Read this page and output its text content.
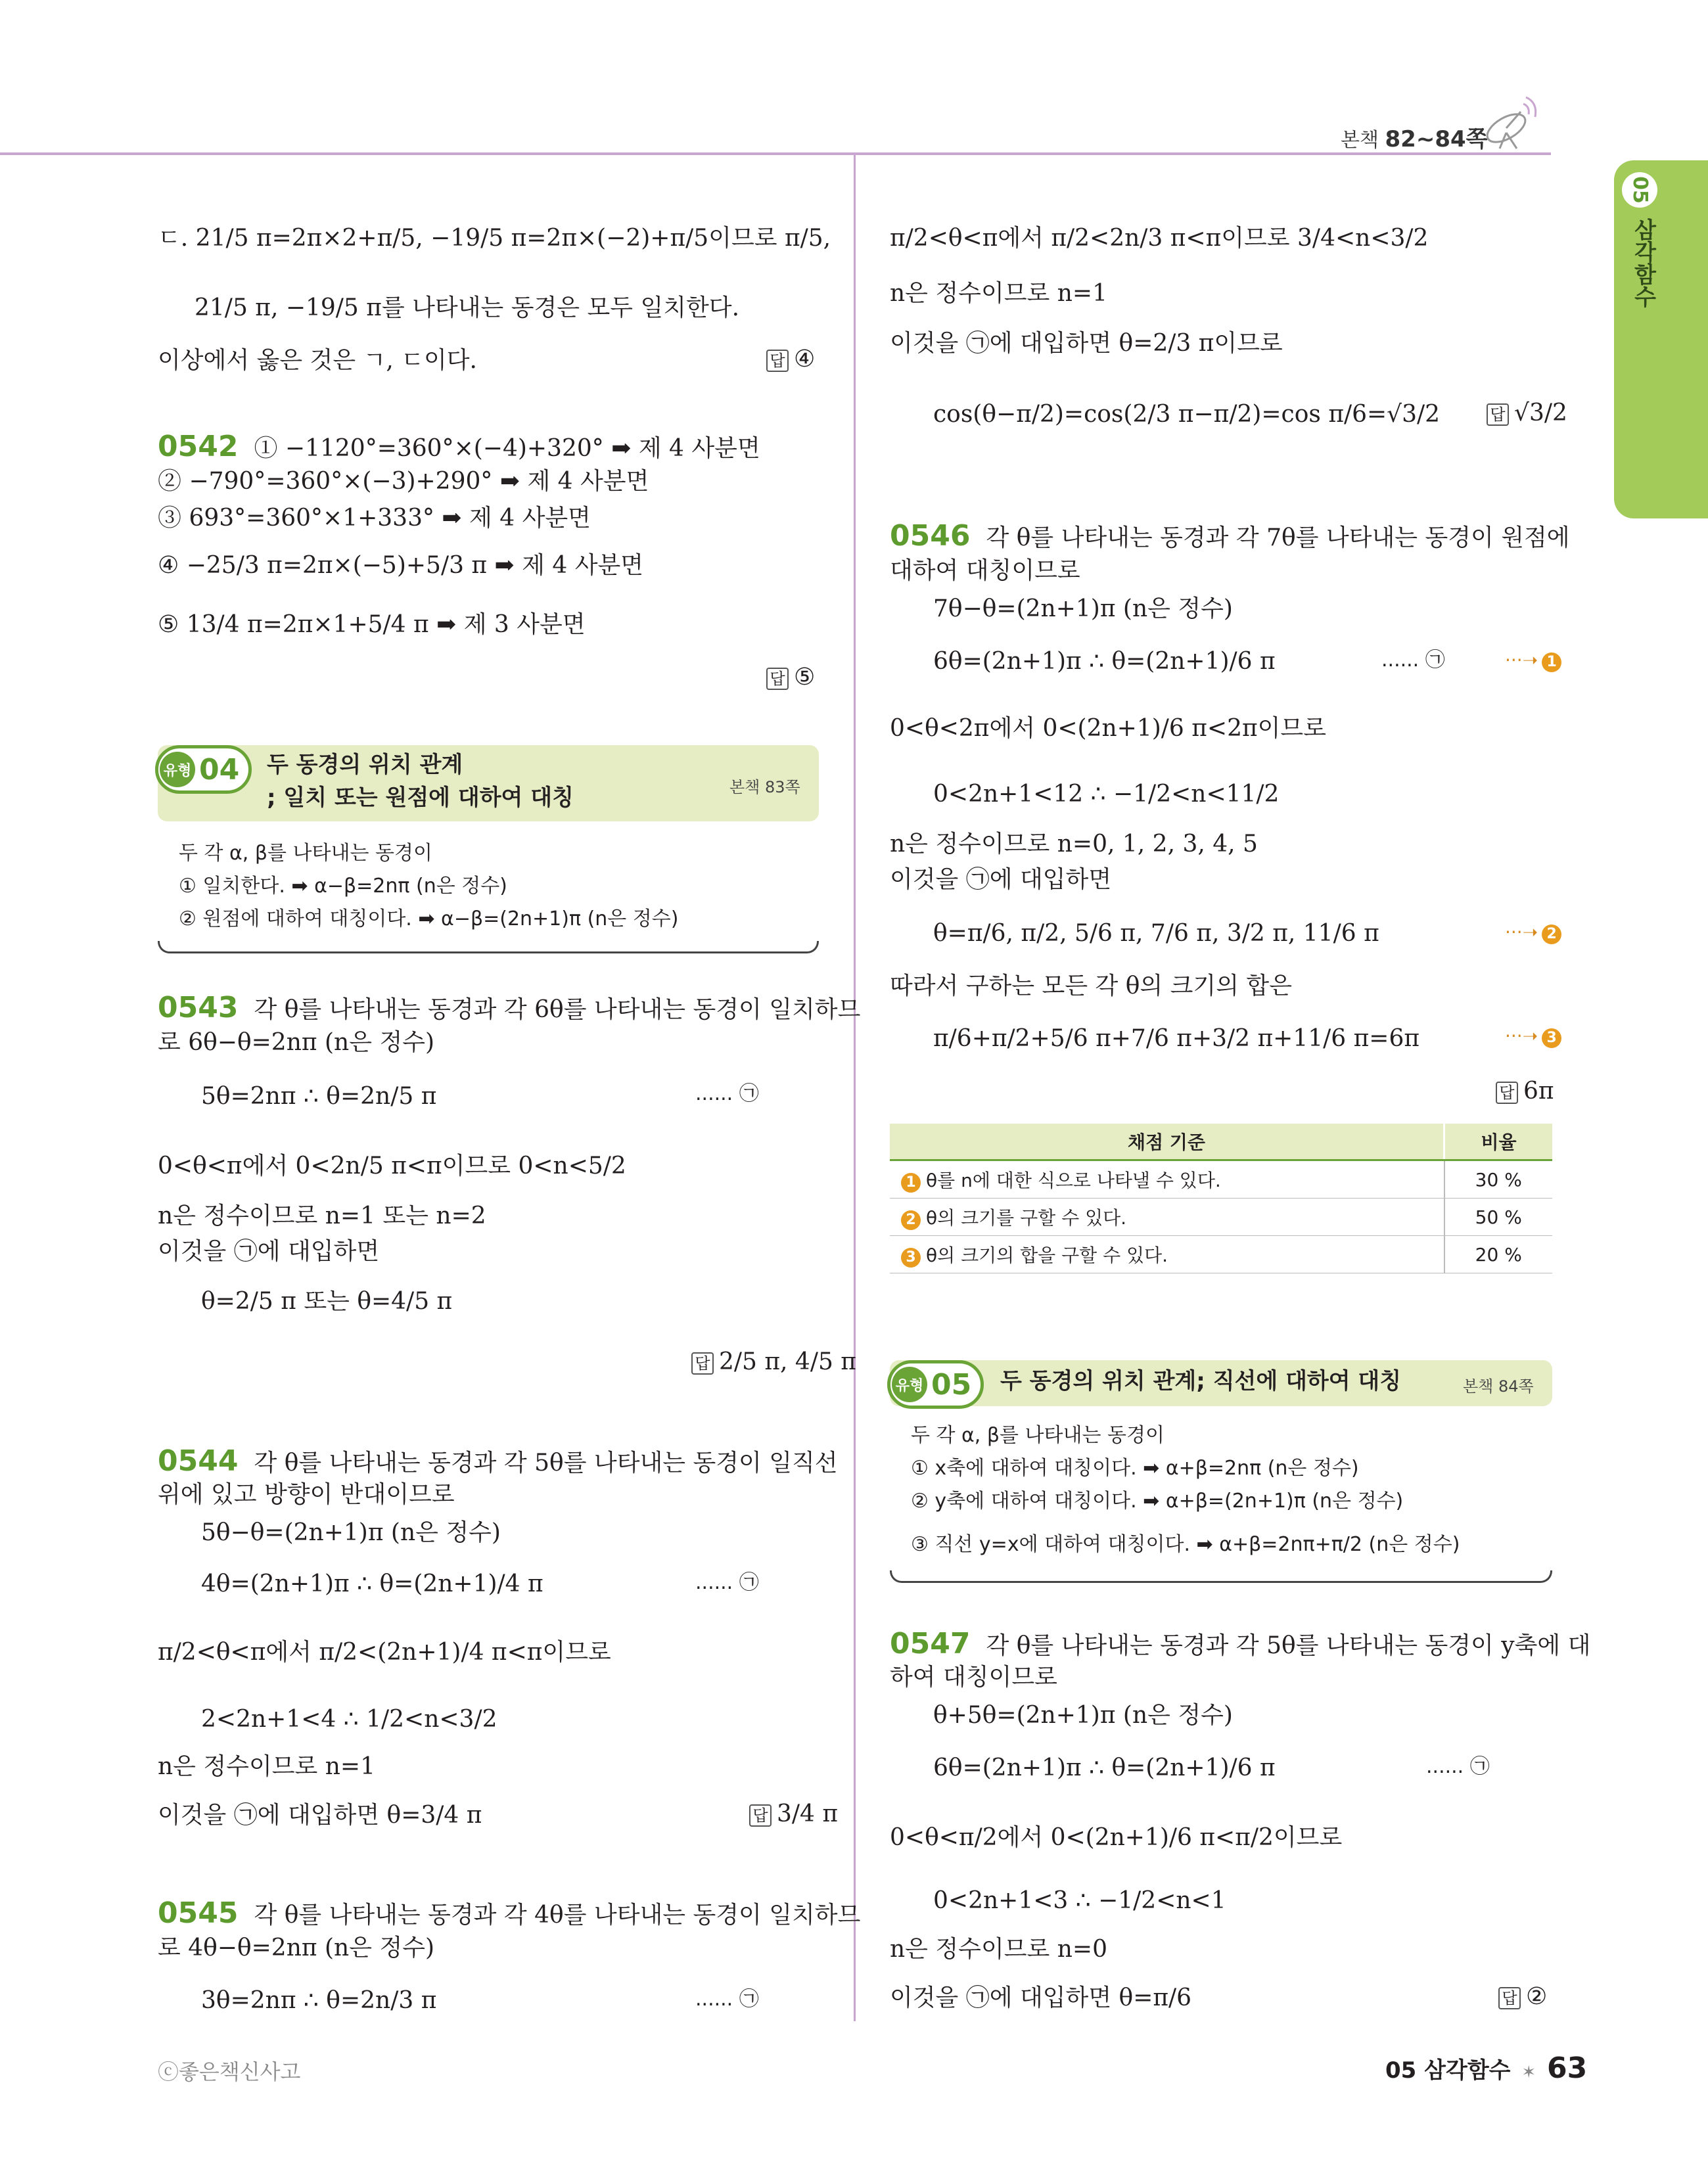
본책 82~84쪽
05
삼각함수
ㄷ. 21/5 π=2π×2+π/5, −19/5 π=2π×(−2)+π/5이므로 π/5,
21/5 π, −19/5 π를 나타내는 동경은 모두 일치한다.
이상에서 옳은 것은 ㄱ, ㄷ이다.	답 ④
0542 ① −1120°=360°×(−4)+320° ➡ 제 4 사분면
② −790°=360°×(−3)+290° ➡ 제 4 사분면
③ 693°=360°×1+333° ➡ 제 4 사분면
④ −25/3 π=2π×(−5)+5/3 π ➡ 제 4 사분면
⑤ 13/4 π=2π×1+5/4 π ➡ 제 3 사분면
답 ⑤
유형 04 두 동경의 위치 관계
; 일치 또는 원점에 대하여 대칭	본책 83쪽
두 각 α, β를 나타내는 동경이
① 일치한다. ➡ α−β=2nπ (n은 정수)
② 원점에 대하여 대칭이다. ➡ α−β=(2n+1)π (n은 정수)
0543 각 θ를 나타내는 동경과 각 6θ를 나타내는 동경이 일치하므
로 6θ−θ=2nπ (n은 정수)
5θ=2nπ ∴ θ=2n/5 π	...... ㉠
0<θ<π에서 0<2n/5 π<π이므로 0<n<5/2
n은 정수이므로 n=1 또는 n=2
이것을 ㉠에 대입하면
θ=2/5 π 또는 θ=4/5 π
답 2/5 π, 4/5 π
0544 각 θ를 나타내는 동경과 각 5θ를 나타내는 동경이 일직선
위에 있고 방향이 반대이므로
5θ−θ=(2n+1)π (n은 정수)
4θ=(2n+1)π ∴ θ=(2n+1)/4 π	...... ㉠
π/2<θ<π에서 π/2<(2n+1)/4 π<π이므로
2<2n+1<4 ∴ 1/2<n<3/2
n은 정수이므로 n=1
이것을 ㉠에 대입하면 θ=3/4 π	답 3/4 π
0545 각 θ를 나타내는 동경과 각 4θ를 나타내는 동경이 일치하므
로 4θ−θ=2nπ (n은 정수)
3θ=2nπ ∴ θ=2n/3 π	...... ㉠
π/2<θ<π에서 π/2<2n/3 π<π이므로 3/4<n<3/2
n은 정수이므로 n=1
이것을 ㉠에 대입하면 θ=2/3 π이므로
cos(θ−π/2)=cos(2/3 π−π/2)=cos π/6=√3/2	답 √3/2
0546 각 θ를 나타내는 동경과 각 7θ를 나타내는 동경이 원점에
대하여 대칭이므로
7θ−θ=(2n+1)π (n은 정수)
6θ=(2n+1)π ∴ θ=(2n+1)/6 π	...... ㉠	···➝ 1
0<θ<2π에서 0<(2n+1)/6 π<2π이므로
0<2n+1<12 ∴ −1/2<n<11/2
n은 정수이므로 n=0, 1, 2, 3, 4, 5
이것을 ㉠에 대입하면
θ=π/6, π/2, 5/6 π, 7/6 π, 3/2 π, 11/6 π	···➝ 2
따라서 구하는 모든 각 θ의 크기의 합은
π/6+π/2+5/6 π+7/6 π+3/2 π+11/6 π=6π	···➝ 3
답 6π
채점 기준	비율
1 θ를 n에 대한 식으로 나타낼 수 있다.	30 %
2 θ의 크기를 구할 수 있다.	50 %
3 θ의 크기의 합을 구할 수 있다.	20 %
유형 05 두 동경의 위치 관계; 직선에 대하여 대칭	본책 84쪽
두 각 α, β를 나타내는 동경이
① x축에 대하여 대칭이다. ➡ α+β=2nπ (n은 정수)
② y축에 대하여 대칭이다. ➡ α+β=(2n+1)π (n은 정수)
③ 직선 y=x에 대하여 대칭이다. ➡ α+β=2nπ+π/2 (n은 정수)
0547 각 θ를 나타내는 동경과 각 5θ를 나타내는 동경이 y축에 대
하여 대칭이므로
θ+5θ=(2n+1)π (n은 정수)
6θ=(2n+1)π ∴ θ=(2n+1)/6 π	...... ㉠
0<θ<π/2에서 0<(2n+1)/6 π<π/2이므로
0<2n+1<3 ∴ −1/2<n<1
n은 정수이므로 n=0
이것을 ㉠에 대입하면 θ=π/6	답 ②
ⓒ좋은책신사고	05 삼각함수 ✶ 63
